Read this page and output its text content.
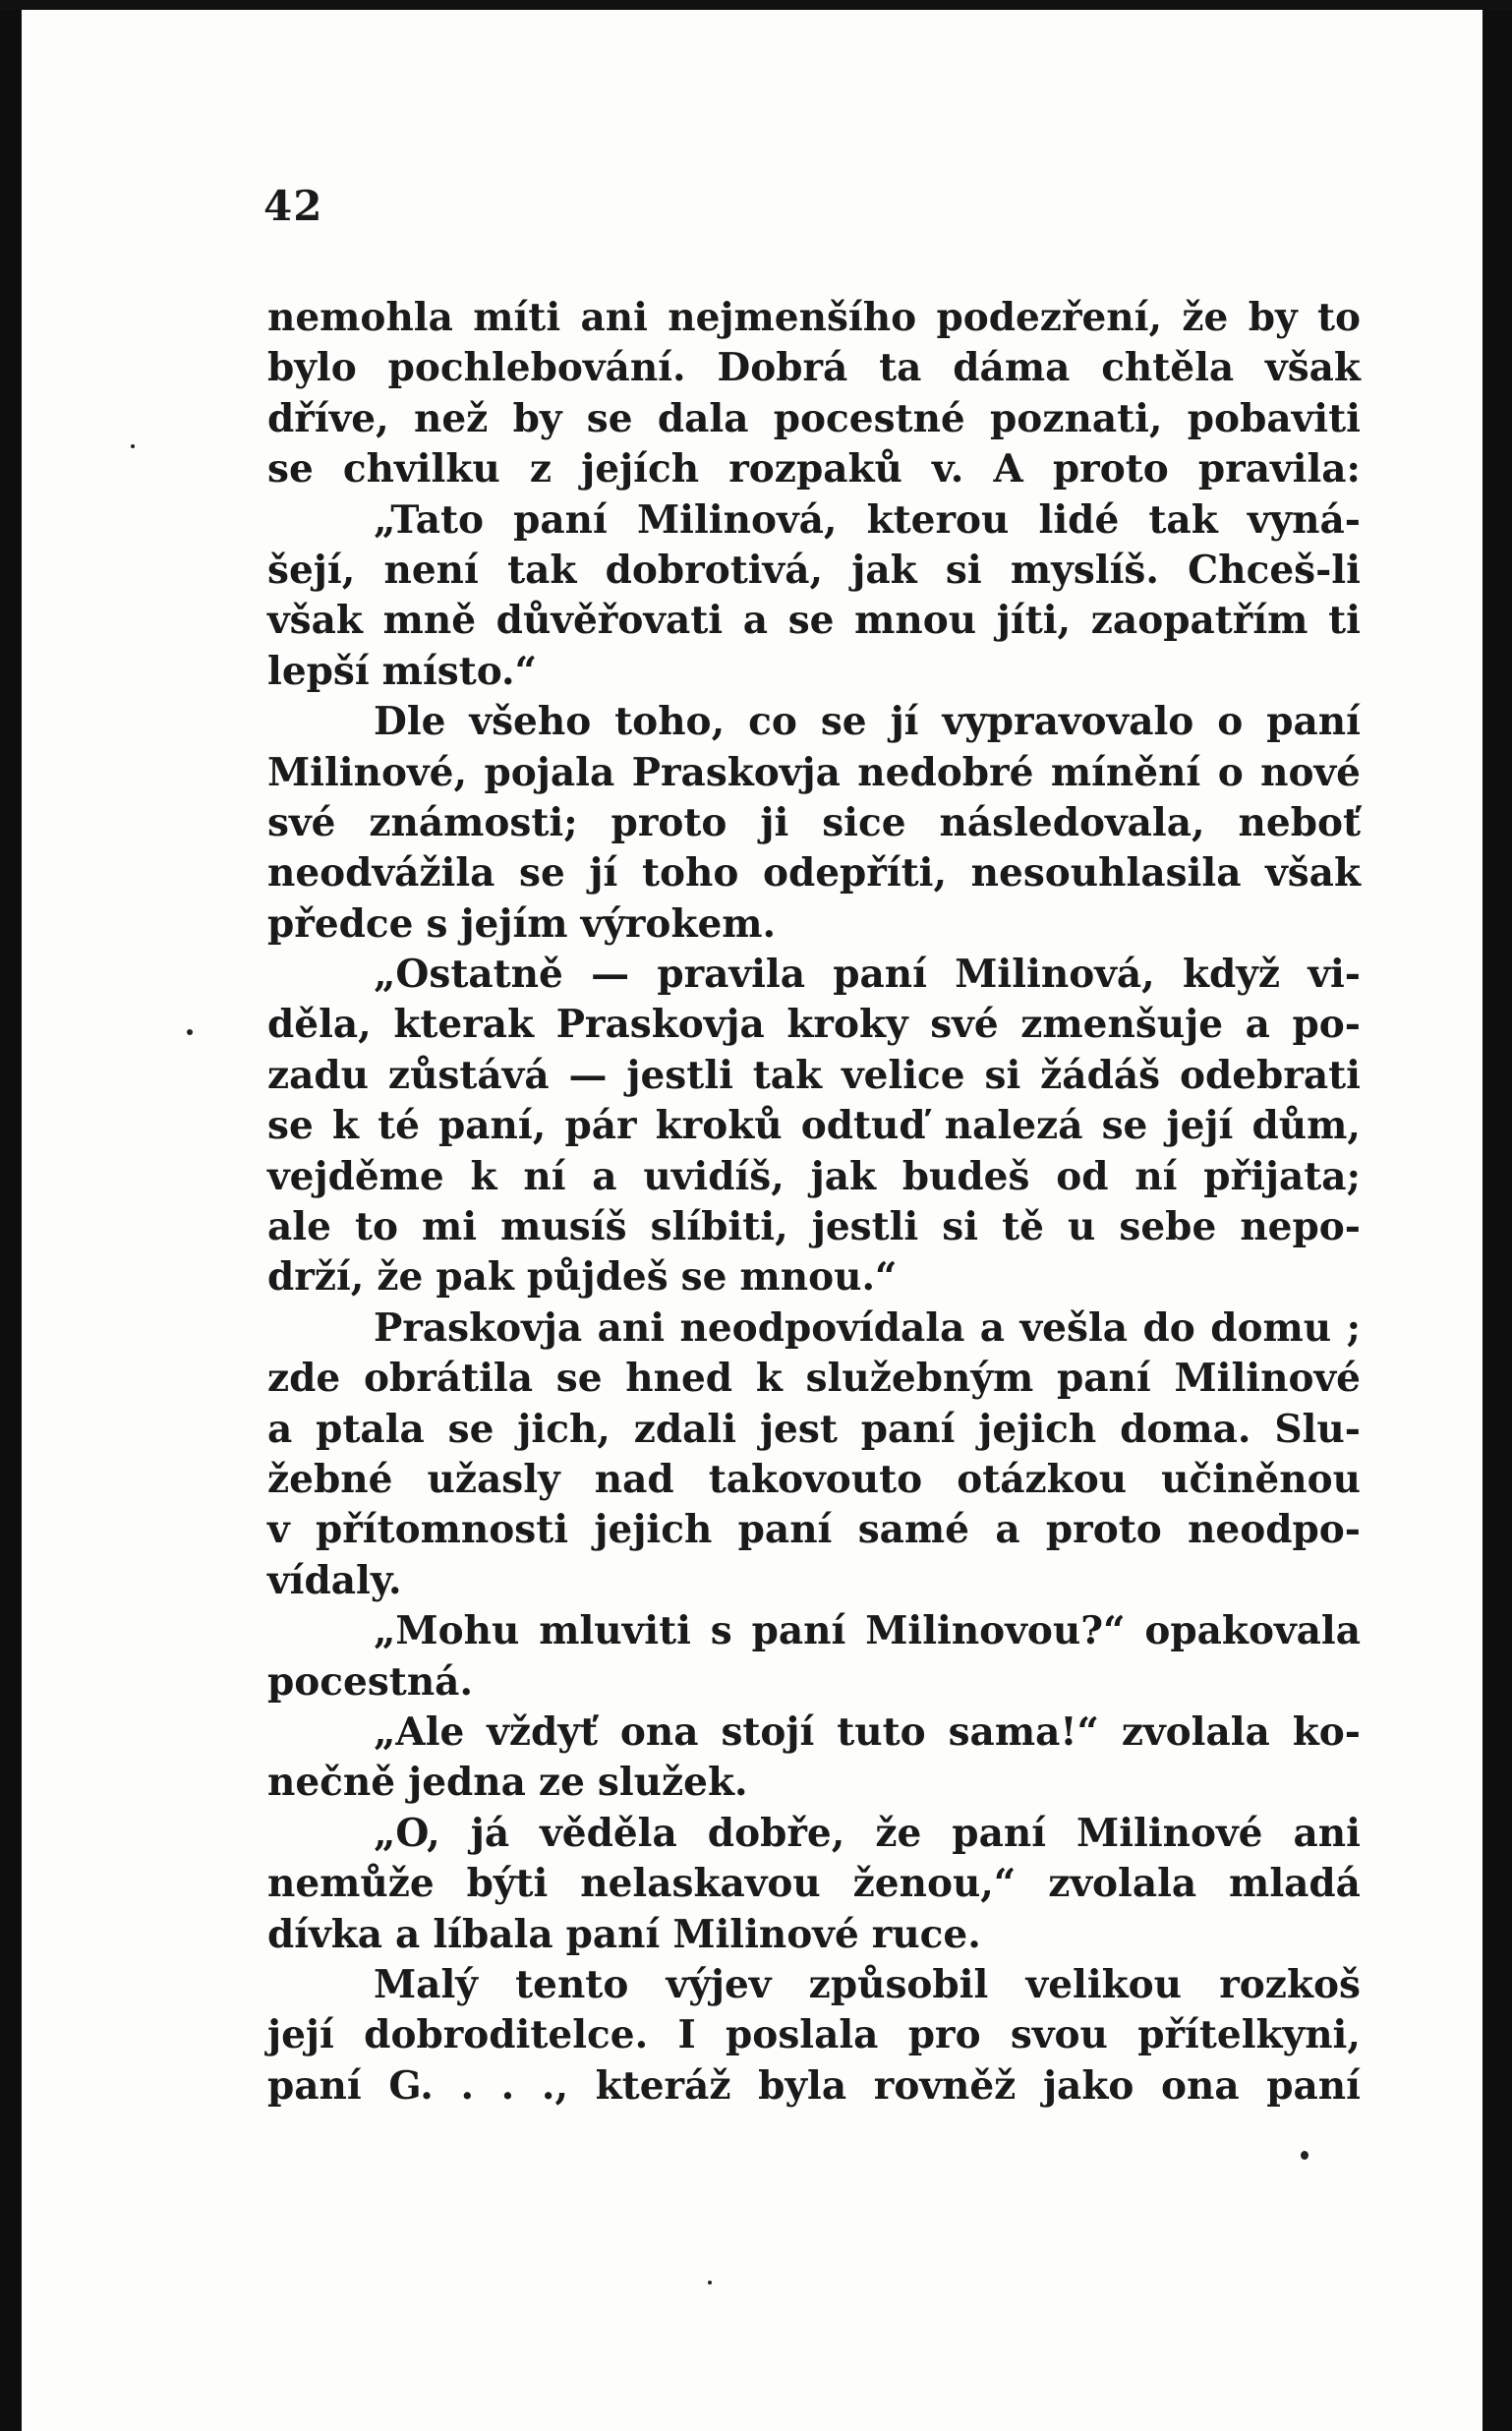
42
nemohla míti ani nejmenšího podezření, že by to
bylo pochlebování. Dobrá ta dáma chtěla však
dříve, než by se dala pocestné poznati, pobaviti
se chvilku z jejích rozpaků v. A proto pravila:
„Tato paní Milinová, kterou lidé tak vyná-
šejí, není tak dobrotivá, jak si myslíš. Chceš-li
však mně důvěřovati a se mnou jíti, zaopatřím ti
lepší místo.“
Dle všeho toho, co se jí vypravovalo o paní
Milinové, pojala Praskovja nedobré mínění o nové
své známosti; proto ji sice následovala, neboť
neodvážila se jí toho odepříti, nesouhlasila však
předce s jejím výrokem.
„Ostatně — pravila paní Milinová, když vi-
děla, kterak Praskovja kroky své zmenšuje a po-
zadu zůstává — jestli tak velice si žádáš odebrati
se k té paní, pár kroků odtuď nalezá se její dům,
vejděme k ní a uvidíš, jak budeš od ní přijata;
ale to mi musíš slíbiti, jestli si tě u sebe nepo-
drží, že pak půjdeš se mnou.“
Praskovja ani neodpovídala a vešla do domu ;
zde obrátila se hned k služebným paní Milinové
a ptala se jich, zdali jest paní jejich doma. Slu-
žebné užasly nad takovouto otázkou učiněnou
v přítomnosti jejich paní samé a proto neodpo-
vídaly.
„Mohu mluviti s paní Milinovou?“ opakovala
pocestná.
„Ale vždyť ona stojí tuto sama!“ zvolala ko-
nečně jedna ze služek.
„O, já věděla dobře, že paní Milinové ani
nemůže býti nelaskavou ženou,“ zvolala mladá
dívka a líbala paní Milinové ruce.
Malý tento výjev způsobil velikou rozkoš
její dobroditelce. I poslala pro svou přítelkyni,
paní G. . . ., kteráž byla rovněž jako ona paní
